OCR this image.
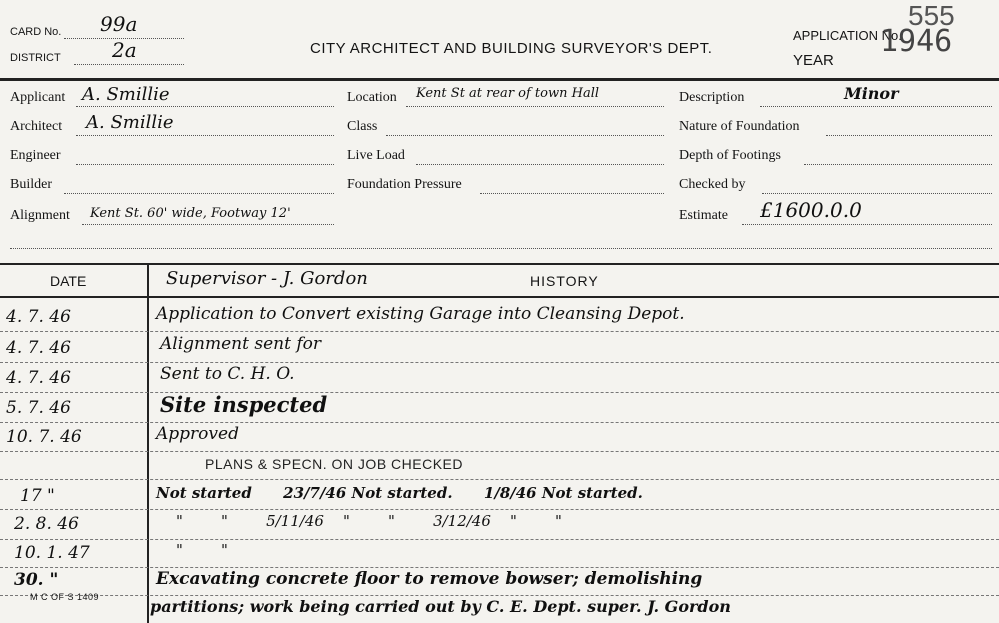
CARD No. 99a
DISTRICT	2a	CITY ARCHITECT AND BUILDING SURVEYOR'S DEPT.
APPLICATION No.
555
YEAR
1946
Applicant A. Smillie
Architect A. Smillie
Engineer
Builder
Alignment Kent St. 60' wide, Footway 12'
Location Kent St at rear of town Hall
Class
Live Load
Foundation Pressure
Description	Minor
Nature of Foundation
Depth of Footings
Checked by
Estimate £1600.0.0
DATE	Supervisor - J. Gordon	HISTORY
4. 7. 46	Application to Convert existing Garage into Cleansing Depot.
4. 7. 46	Alignment sent for
4. 7. 46	Sent to C. H. O.
5. 7. 46	Site inspected
10. 7. 46	Approved
PLANS & SPECN. ON JOB CHECKED
17 "	Not started      23/7/46 Not started.      1/8/46 Not started.
2. 8. 46	"        "        5/11/46    "        "        3/12/46    "        "
10. 1. 47	"        "
30. "	Excavating concrete floor to remove bowser; demolishing
partitions; work being carried out by C. E. Dept. super. J. Gordon
M C OF S 1409
